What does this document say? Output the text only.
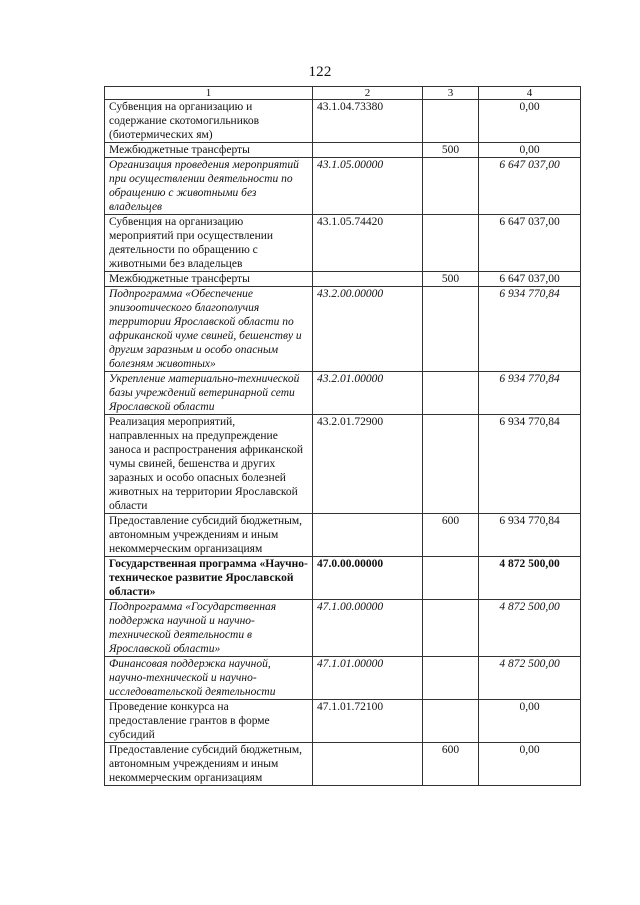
122
1	2	3	4
Субвенция на организацию и содержание скотомогильников (биотермических ям)	43.1.04.73380		0,00
Межбюджетные трансферты		500	0,00
Организация проведения мероприятий при осуществлении деятельности по обращению с животными без владельцев	43.1.05.00000		6 647 037,00
Субвенция на организацию мероприятий при осуществлении деятельности по обращению с животными без владельцев	43.1.05.74420		6 647 037,00
Межбюджетные трансферты		500	6 647 037,00
Подпрограмма «Обеспечение эпизоотического благополучия территории Ярославской области по африканской чуме свиней, бешенству и другим заразным и особо опасным болезням животных»	43.2.00.00000		6 934 770,84
Укрепление материально-технической базы учреждений ветеринарной сети Ярославской области	43.2.01.00000		6 934 770,84
Реализация мероприятий, направленных на предупреждение заноса и распространения африканской чумы свиней, бешенства и других заразных и особо опасных болезней животных на территории Ярославской области	43.2.01.72900		6 934 770,84
Предоставление субсидий бюджетным, автономным учреждениям и иным некоммерческим организациям		600	6 934 770,84
Государственная программа «Научно-техническое развитие Ярославской области»	47.0.00.00000		4 872 500,00
Подпрограмма «Государственная поддержка научной и научно-технической деятельности в Ярославской области»	47.1.00.00000		4 872 500,00
Финансовая поддержка научной, научно-технической и научно-исследовательской деятельности	47.1.01.00000		4 872 500,00
Проведение конкурса на предоставление грантов в форме субсидий	47.1.01.72100		0,00
Предоставление субсидий бюджетным, автономным учреждениям и иным некоммерческим организациям		600	0,00
